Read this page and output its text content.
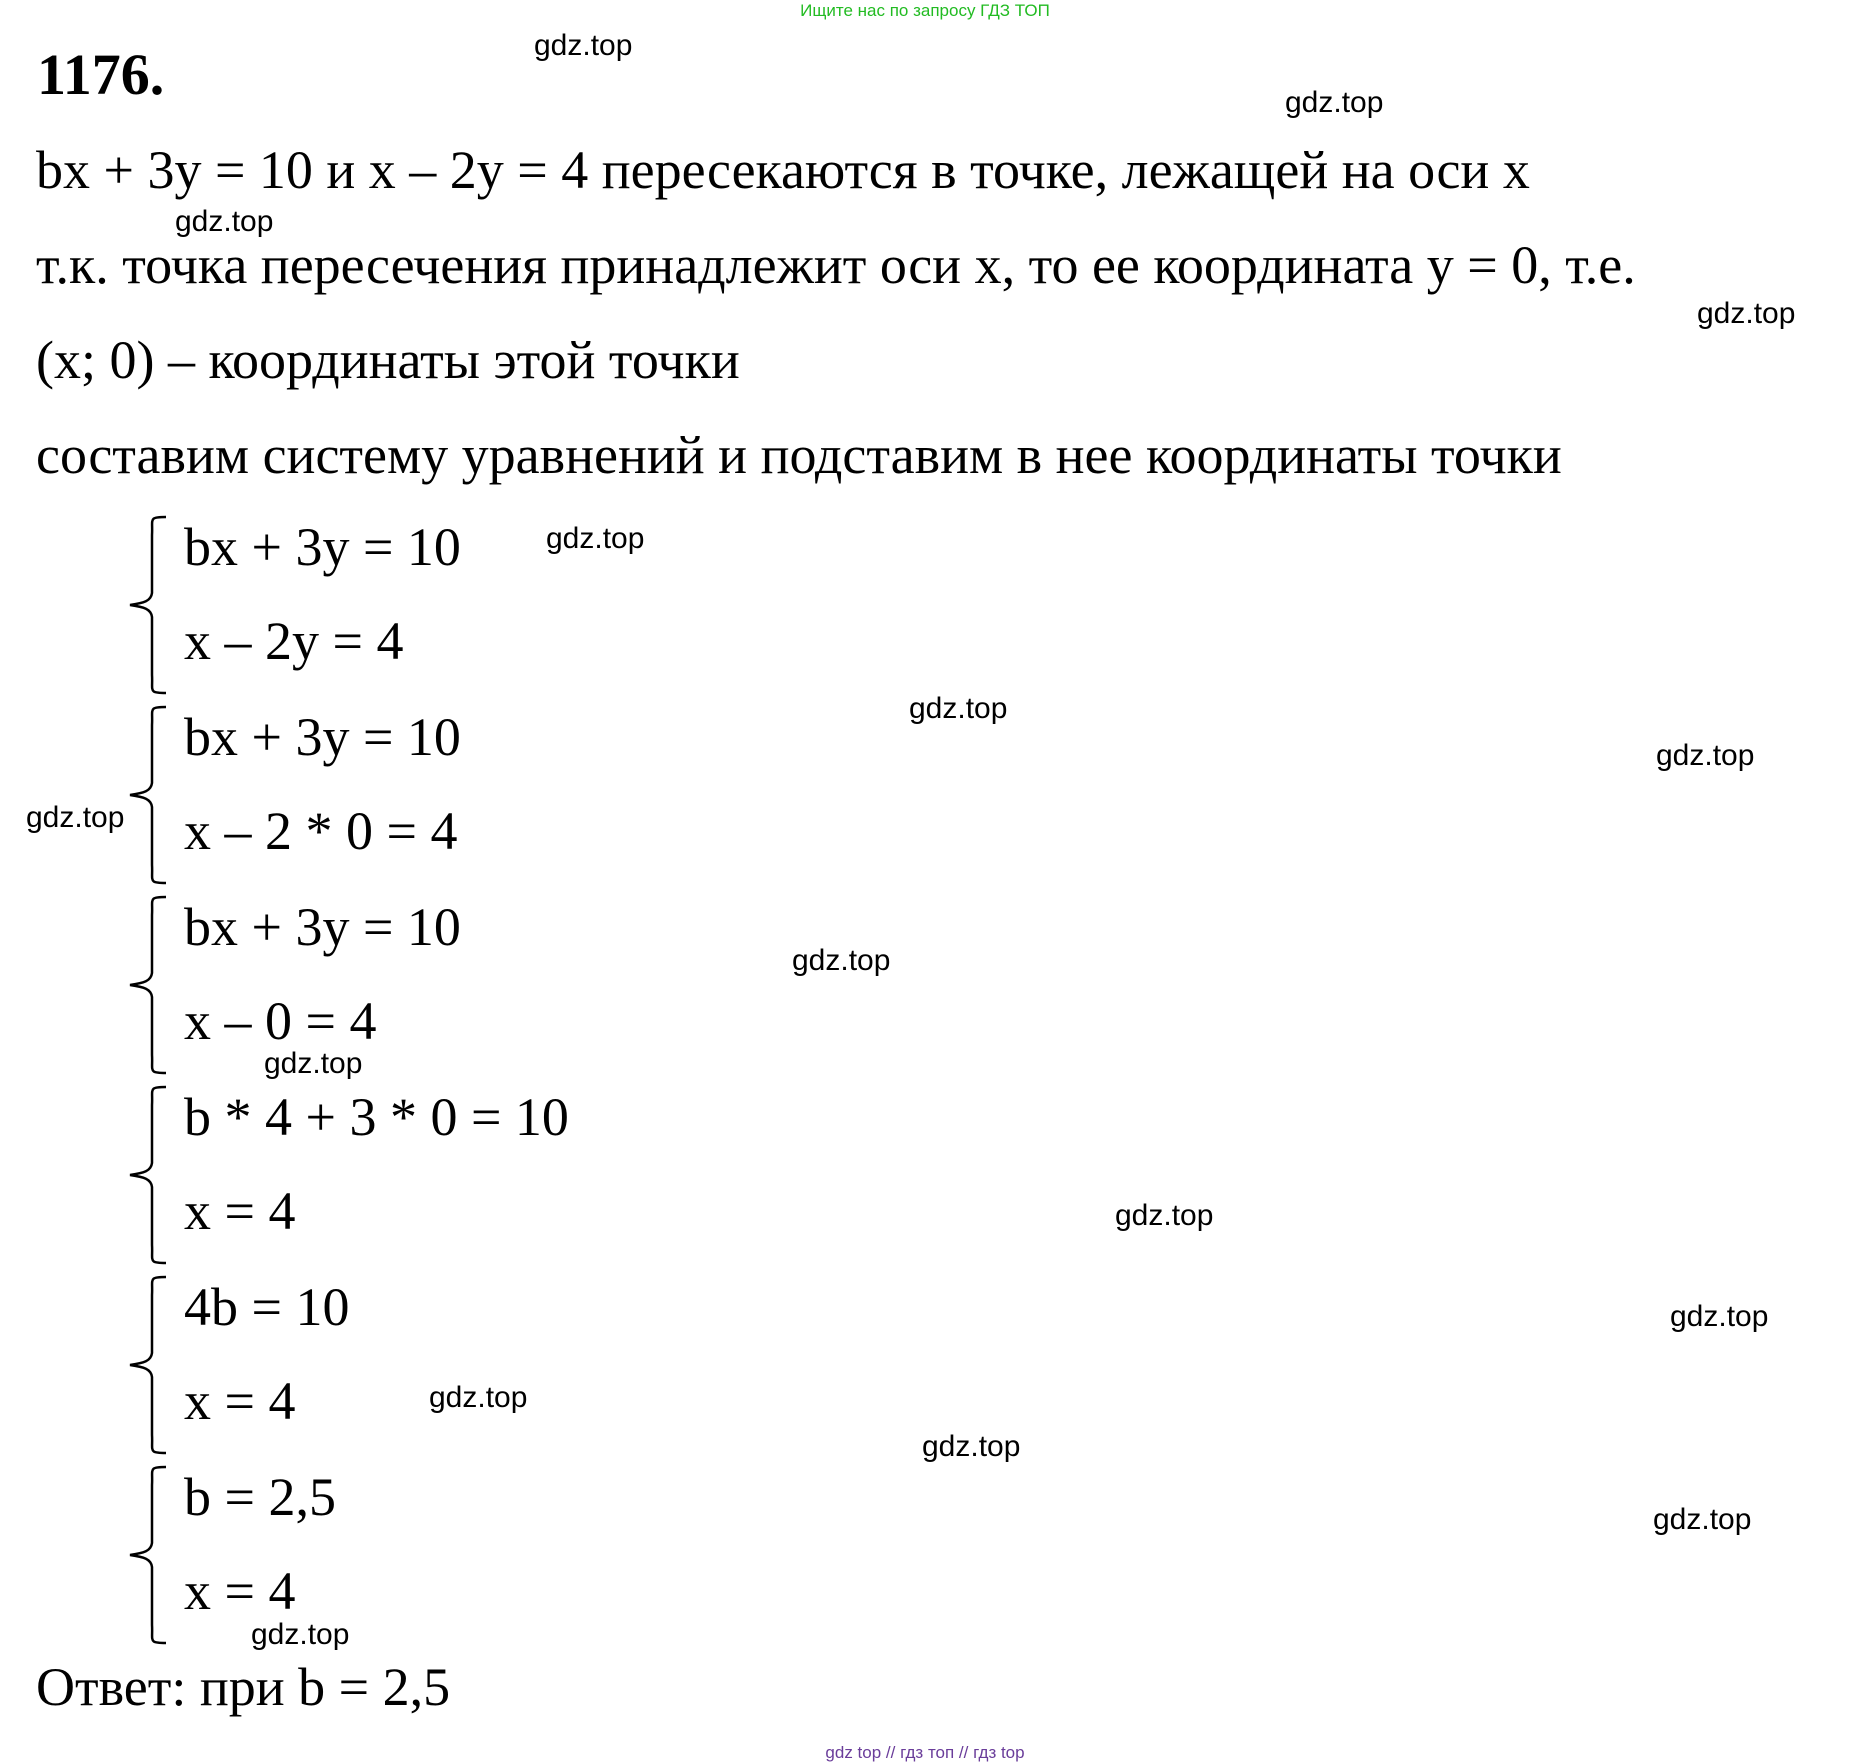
Ищите нас по запросу ГДЗ ТОП
1176.
bx + 3y = 10 и x – 2y = 4 пересекаются в точке, лежащей на оси x
т.к. точка пересечения принадлежит оси x, то ее координата y = 0, т.е.
(x; 0) – координаты этой точки
составим систему уравнений и подставим в нее координаты точки
bx + 3y = 10
x – 2y = 4
bx + 3y = 10
x – 2 * 0 = 4
bx + 3y = 10
x – 0 = 4
b * 4 + 3 * 0 = 10
x = 4
4b = 10
x = 4
b = 2,5
x = 4
Ответ: при b = 2,5
gdz.top
gdz.top
gdz.top
gdz.top
gdz.top
gdz.top
gdz.top
gdz.top
gdz.top
gdz.top
gdz.top
gdz.top
gdz.top
gdz.top
gdz.top
gdz.top
gdz top // гдз топ // гдз top
